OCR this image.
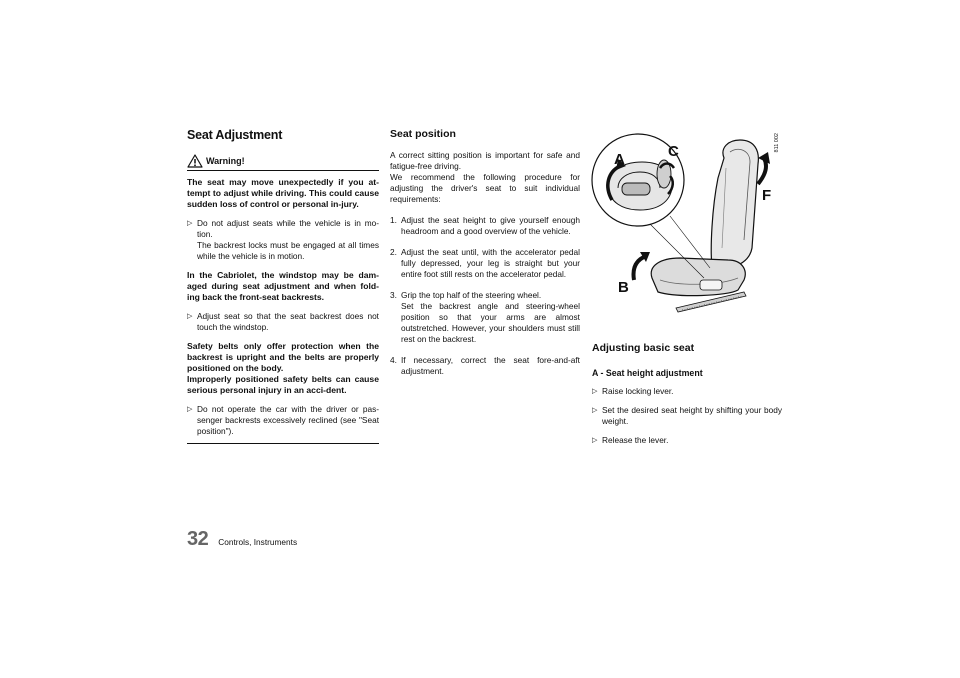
Seat Adjustment
Warning!

The seat may move unexpectedly if you at-tempt to adjust while driving. This could cause sudden loss of control or personal in-jury.

▷ Do not adjust seats while the vehicle is in mo-tion.
The backrest locks must be engaged at all times while the vehicle is in motion.

In the Cabriolet, the windstop may be dam-aged during seat adjustment and when fold-ing back the front-seat backrests.

▷ Adjust seat so that the seat backrest does not touch the windstop.

Safety belts only offer protection when the backrest is upright and the belts are properly positioned on the body.

Improperly positioned safety belts can cause serious personal injury in an acci-dent.

▷ Do not operate the car with the driver or pas-senger backrests excessively reclined (see "Seat position").
Seat position

A correct sitting position is important for safe and fatigue-free driving.

We recommend the following procedure for adjusting the driver's seat to suit individual requirements:

1. Adjust the seat height to give yourself enough headroom and a good overview of the vehicle.
2. Adjust the seat until, with the accelerator pedal fully depressed, your leg is straight but your entire foot still rests on the accelerator pedal.
3. Grip the top half of the steering wheel.
Set the backrest angle and steering-wheel position so that your arms are almost outstretched. However, your shoulders must still rest on the backrest.
4. If necessary, correct the seat fore-and-aft adjustment.
A	C
F
B
811 002
Adjusting basic seat
A - Seat height adjustment
▷ Raise locking lever.
▷ Set the desired seat height by shifting your body weight.
▷ Release the lever.
32 Controls, Instruments
